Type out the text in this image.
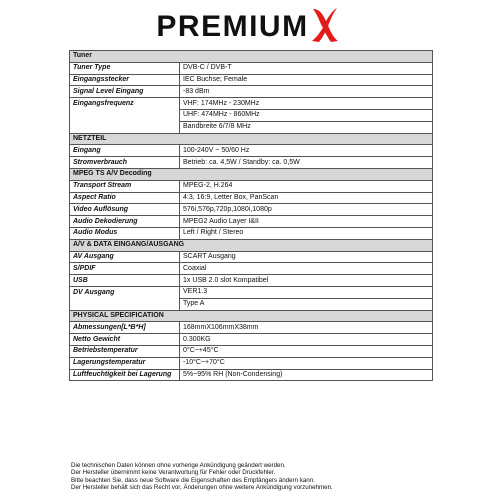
PREMIUM
Tuner	
Tuner Type	DVB-C / DVB-T
Eingangsstecker	IEC Buchse; Female
Signal Level Eingang	-83 dBm
Eingangsfrequenz	VHF: 174MHz - 230MHz
	UHF: 474MHz - 860MHz
	Bandbreite 6/7/8 MHz
NETZTEIL	
Eingang	100-240V ~ 50/60 Hz
Stromverbrauch	Betrieb: ca. 4,5W / Standby: ca. 0,5W
MPEG TS A/V Decoding	
Transport Stream	MPEG-2, H.264
Aspect Ratio	4:3, 16:9, Letter Box, PanScan
Video Auflösung	576i,576p,720p,1080i,1080p
Audio Dekodierung	MPEG2 Audio Layer I&II
Audio Modus	Left / Right / Stereo
A/V & DATA EINGANG/AUSGANG	
AV Ausgang	SCART Ausgang
S/PDIF	Coaxial
USB	1x USB 2.0 slot Kompatibel
DV Ausgang	VER1.3
	Type A
PHYSICAL SPECIFICATION	
Abmessungen[L*B*H]	168mmX106mmX38mm
Netto Gewicht	0.300KG
Betriebstemperatur	0°C~+45°C
Lagerungstemperatur	-10°C~+70°C
Luftfeuchtigkeit bei Lagerung	5%~95% RH (Non-Condensing)
Die technischen Daten können ohne vorherige Ankündigung geändert werden.
Der Hersteller übernimmt keine Verantwortung für Fehler oder Druckfehler.
Bitte beachten Sie, dass neue Software die Eigenschaften des Empfängers ändern kann.
Der Hersteller behält sich das Recht vor, Änderungen ohne weitere Ankündigung vorzunehmen.
